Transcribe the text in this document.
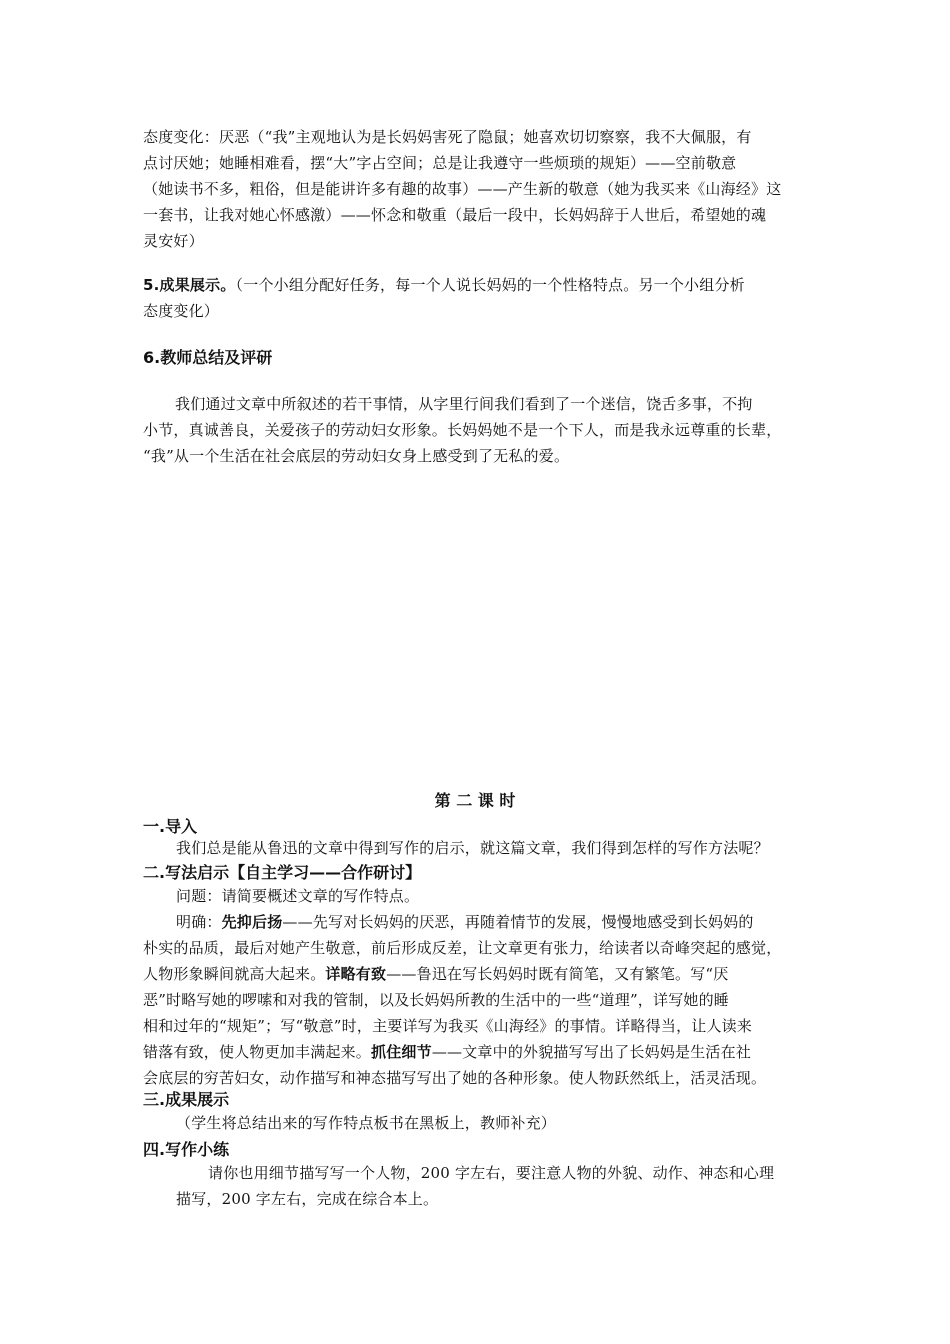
态度变化：厌恶（“我”主观地认为是长妈妈害死了隐鼠；她喜欢切切察察，我不大佩服，有
点讨厌她；她睡相难看，摆“大”字占空间；总是让我遵守一些烦琐的规矩）——空前敬意
（她读书不多，粗俗，但是能讲许多有趣的故事）——产生新的敬意（她为我买来《山海经》这
一套书，让我对她心怀感激）——怀念和敬重（最后一段中，长妈妈辞于人世后，希望她的魂
灵安好）
5.成果展示。（一个小组分配好任务，每一个人说长妈妈的一个性格特点。另一个小组分析
态度变化）
6.教师总结及评研
我们通过文章中所叙述的若干事情，从字里行间我们看到了一个迷信，饶舌多事，不拘
小节，真诚善良，关爱孩子的劳动妇女形象。长妈妈她不是一个下人，而是我永远尊重的长辈，
“我”从一个生活在社会底层的劳动妇女身上感受到了无私的爱。
第 二 课 时
一.导入
我们总是能从鲁迅的文章中得到写作的启示，就这篇文章，我们得到怎样的写作方法呢？
二.写法启示【自主学习——合作研讨】
问题：请简要概述文章的写作特点。
明确：先抑后扬——先写对长妈妈的厌恶，再随着情节的发展，慢慢地感受到长妈妈的
朴实的品质，最后对她产生敬意，前后形成反差，让文章更有张力，给读者以奇峰突起的感觉，
人物形象瞬间就高大起来。详略有致——鲁迅在写长妈妈时既有简笔，又有繁笔。写“厌
恶”时略写她的啰嗦和对我的管制，以及长妈妈所教的生活中的一些“道理”，详写她的睡
相和过年的“规矩”；写“敬意”时，主要详写为我买《山海经》的事情。详略得当，让人读来
错落有致，使人物更加丰满起来。抓住细节——文章中的外貌描写写出了长妈妈是生活在社
会底层的穷苦妇女，动作描写和神态描写写出了她的各种形象。使人物跃然纸上，活灵活现。
三.成果展示
（学生将总结出来的写作特点板书在黑板上，教师补充）
四.写作小练
请你也用细节描写写一个人物，200 字左右，要注意人物的外貌、动作、神态和心理
描写，200 字左右，完成在综合本上。
